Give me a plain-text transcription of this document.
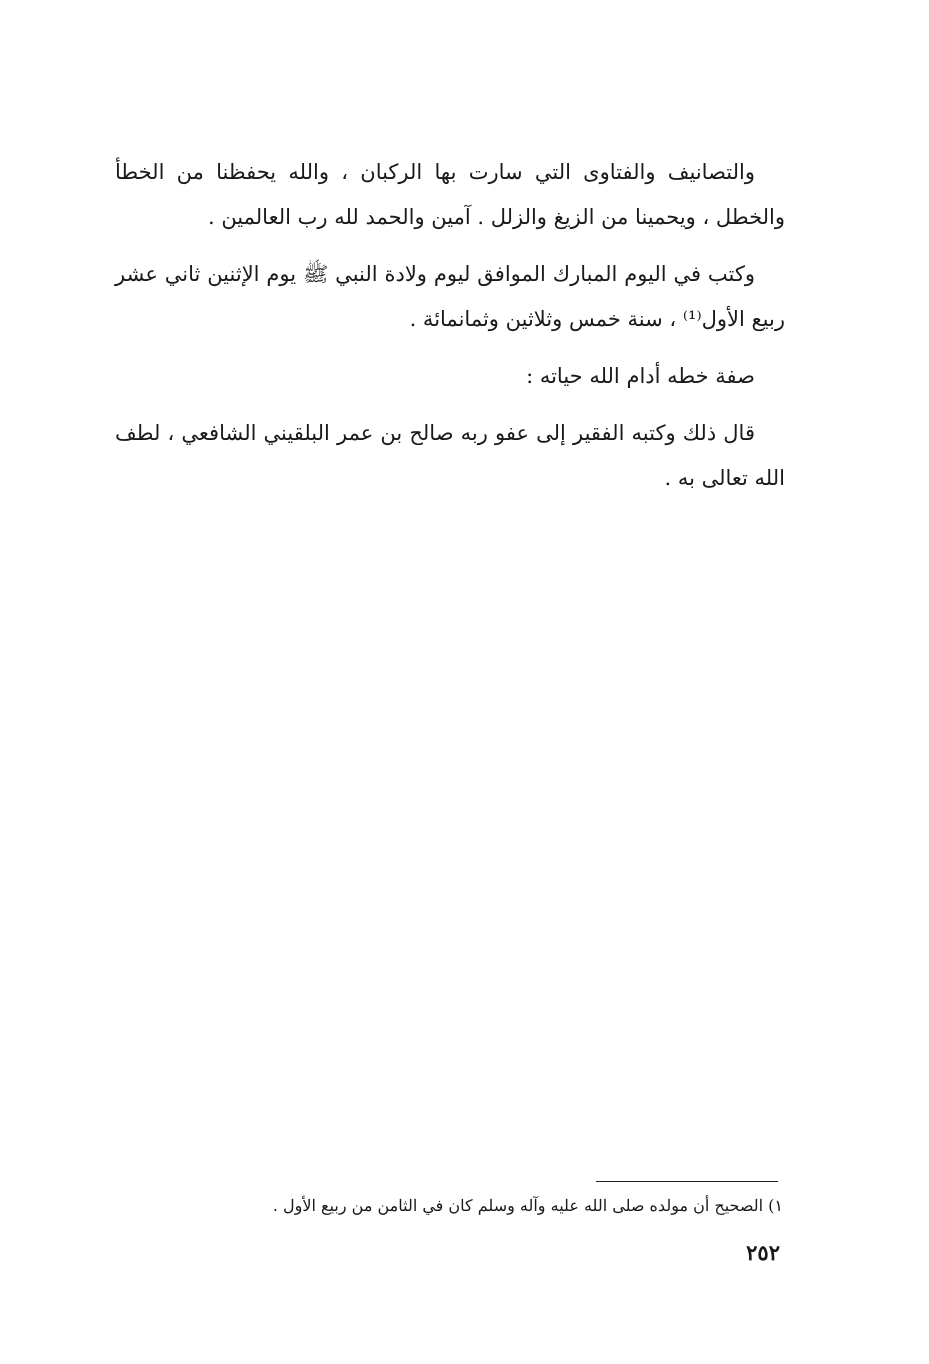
والتصانيف والفتاوى التي سارت بها الركبان ، والله يحفظنا من الخطأ والخطل ، ويحمينا من الزيغ والزلل . آمين والحمد لله رب العالمين .

وكتب في اليوم المبارك الموافق ليوم ولادة النبي ﷺ يوم الإثنين ثاني عشر ربيع الأول⁽¹⁾ ، سنة خمس وثلاثين وثمانمائة .

صفة خطه أدام الله حياته :

قال ذلك وكتبه الفقير إلى عفو ربه صالح بن عمر البلقيني الشافعي ، لطف الله تعالى به .

١) الصحيح أن مولده صلى الله عليه وآله وسلم كان في الثامن من ربيع الأول .
٢٥٢
